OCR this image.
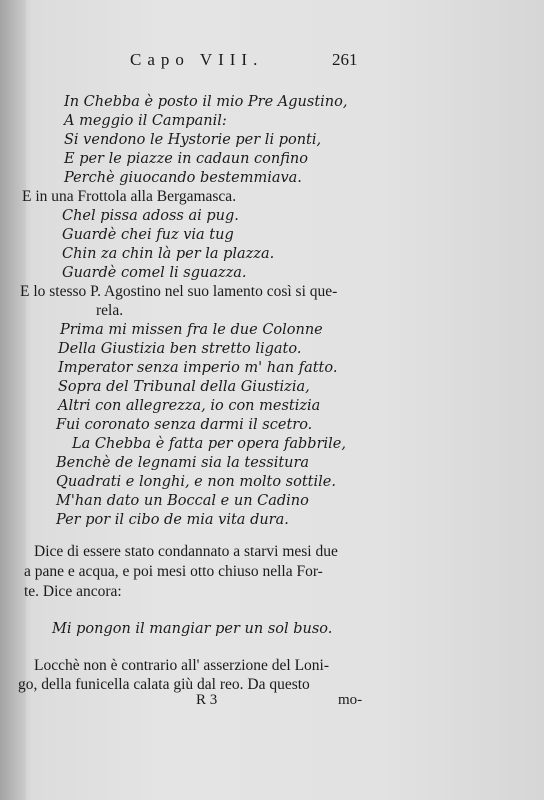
Capo VIII.	261
In Chebba è posto il mio Pre Agustino,
A meggio il Campanil:
Si vendono le Hystorie per li ponti,
E per le piazze in cadaun confino
Perchè giuocando bestemmiava.
E in una Frottola alla Bergamasca.
Chel pissa adoss ai pug.
Guardè chei fuz via tug
Chin za chin là per la plazza.
Guardè comel li sguazza.
E lo stesso P. Agostino nel suo lamento così si que-
rela.
Prima mi missen fra le due Colonne
Della Giustizia ben stretto ligato.
Imperator senza imperio m' han fatto.
Sopra del Tribunal della Giustizia,
Altri con allegrezza, io con mestizia
Fui coronato senza darmi il scetro.
La Chebba è fatta per opera fabbrile,
Benchè de legnami sia la tessitura
Quadrati e longhi, e non molto sottile.
M'han dato un Boccal e un Cadino
Per por il cibo de mia vita dura.
Dice di essere stato condannato a starvi mesi due
a pane e acqua, e poi mesi otto chiuso nella For-
te. Dice ancora:
Mi pongon il mangiar per un sol buso.
Locchè non è contrario all' asserzione del Loni-
go, della funicella calata giù dal reo. Da questo
R 3	mo-
